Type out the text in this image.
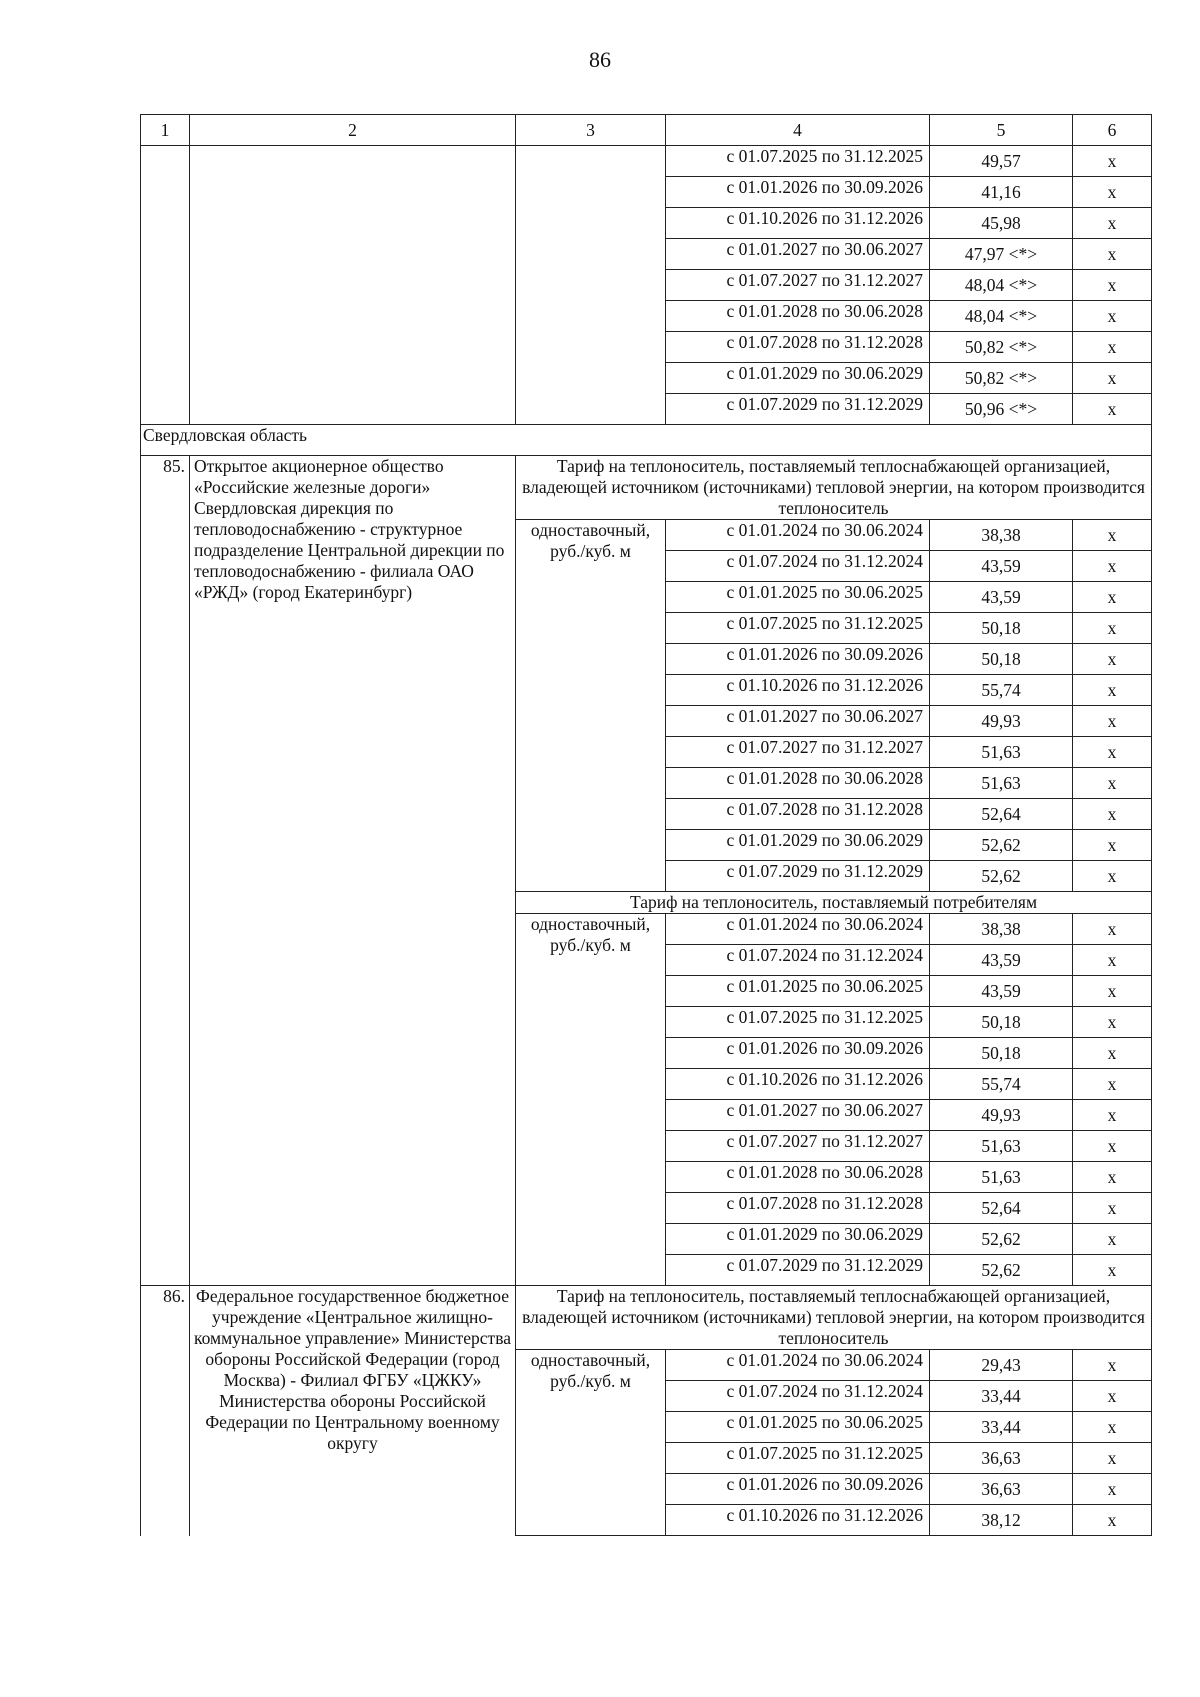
86
1	2	3	4	5	6
			с 01.07.2025 по 31.12.2025	49,57	х
			с 01.01.2026 по 30.09.2026	41,16	х
			с 01.10.2026 по 31.12.2026	45,98	х
			с 01.01.2027 по 30.06.2027	47,97 <*>	х
			с 01.07.2027 по 31.12.2027	48,04 <*>	х
			с 01.01.2028 по 30.06.2028	48,04 <*>	х
			с 01.07.2028 по 31.12.2028	50,82 <*>	х
			с 01.01.2029 по 30.06.2029	50,82 <*>	х
			с 01.07.2029 по 31.12.2029	50,96 <*>	х
Свердловская область					
85.	Открытое акционерное общество «Российские железные дороги» Свердловская дирекция по тепловодоснабжению - структурное подразделение Центральной дирекции по тепловодоснабжению - филиала ОАО «РЖД» (город Екатеринбург)	Тариф на теплоноситель, поставляемый теплоснабжающей организацией, владеющей источником (источниками) тепловой энергии, на котором производится теплоноситель			
		одноставочный, руб./куб. м	с 01.01.2024 по 30.06.2024	38,38	х
			с 01.07.2024 по 31.12.2024	43,59	х
			с 01.01.2025 по 30.06.2025	43,59	х
			с 01.07.2025 по 31.12.2025	50,18	х
			с 01.01.2026 по 30.09.2026	50,18	х
			с 01.10.2026 по 31.12.2026	55,74	х
			с 01.01.2027 по 30.06.2027	49,93	х
			с 01.07.2027 по 31.12.2027	51,63	х
			с 01.01.2028 по 30.06.2028	51,63	х
			с 01.07.2028 по 31.12.2028	52,64	х
			с 01.01.2029 по 30.06.2029	52,62	х
			с 01.07.2029 по 31.12.2029	52,62	х
		Тариф на теплоноситель, поставляемый потребителям			
		одноставочный, руб./куб. м	с 01.01.2024 по 30.06.2024	38,38	х
			с 01.07.2024 по 31.12.2024	43,59	х
			с 01.01.2025 по 30.06.2025	43,59	х
			с 01.07.2025 по 31.12.2025	50,18	х
			с 01.01.2026 по 30.09.2026	50,18	х
			с 01.10.2026 по 31.12.2026	55,74	х
			с 01.01.2027 по 30.06.2027	49,93	х
			с 01.07.2027 по 31.12.2027	51,63	х
			с 01.01.2028 по 30.06.2028	51,63	х
			с 01.07.2028 по 31.12.2028	52,64	х
			с 01.01.2029 по 30.06.2029	52,62	х
			с 01.07.2029 по 31.12.2029	52,62	х
86.	Федеральное государственное бюджетное учреждение «Центральное жилищно-коммунальное управление» Министерства обороны Российской Федерации (город Москва) - Филиал ФГБУ «ЦЖКУ» Министерства обороны Российской Федерации по Центральному военному округу	Тариф на теплоноситель, поставляемый теплоснабжающей организацией, владеющей источником (источниками) тепловой энергии, на котором производится теплоноситель			
		одноставочный, руб./куб. м	с 01.01.2024 по 30.06.2024	29,43	х
			с 01.07.2024 по 31.12.2024	33,44	х
			с 01.01.2025 по 30.06.2025	33,44	х
			с 01.07.2025 по 31.12.2025	36,63	х
			с 01.01.2026 по 30.09.2026	36,63	х
			с 01.10.2026 по 31.12.2026	38,12	х
